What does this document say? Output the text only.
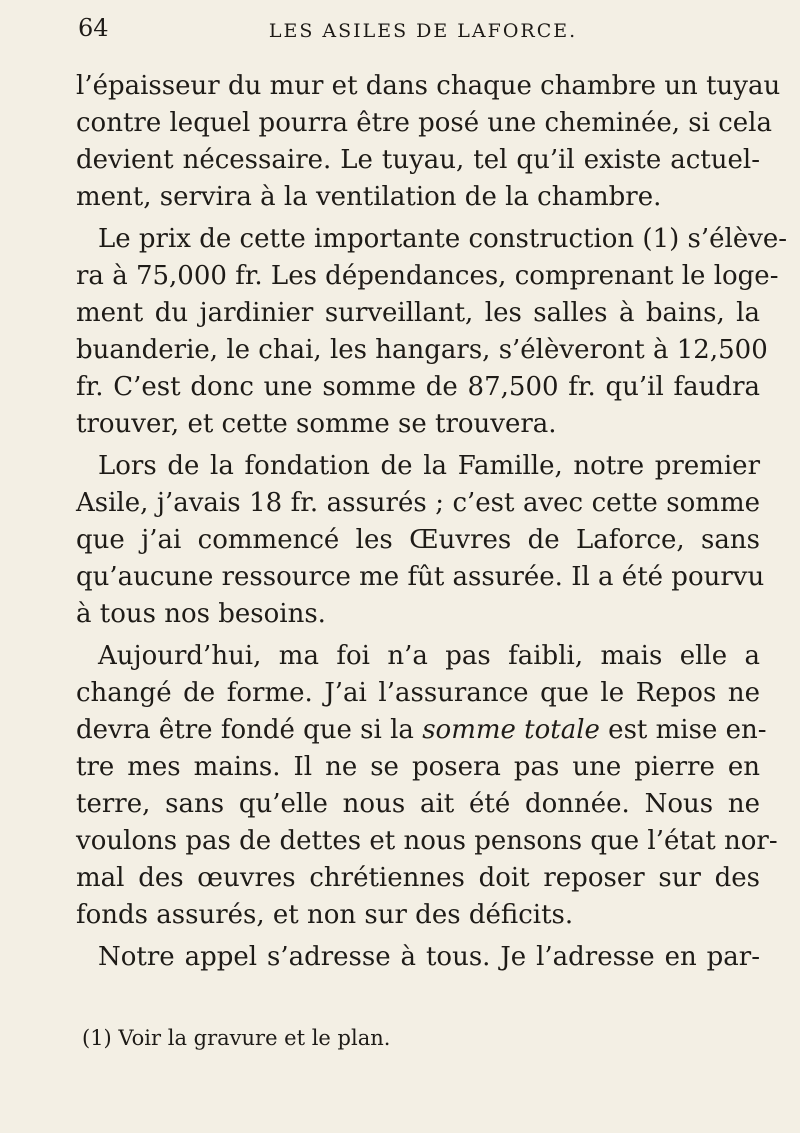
64	LES ASILES DE LAFORCE.
l’épaisseur du mur et dans chaque chambre un tuyau
contre lequel pourra être posé une cheminée, si cela
devient nécessaire. Le tuyau, tel qu’il existe actuel-
ment, servira à la ventilation de la chambre.
Le prix de cette importante construction (1) s’élève-
ra à 75,000 fr. Les dépendances, comprenant le loge-
ment du jardinier surveillant, les salles à bains, la
buanderie, le chai, les hangars, s’élèveront à 12,500
fr. C’est donc une somme de 87,500 fr. qu’il faudra
trouver, et cette somme se trouvera.
Lors de la fondation de la Famille, notre premier
Asile, j’avais 18 fr. assurés ; c’est avec cette somme
que j’ai commencé les Œuvres de Laforce, sans
qu’aucune ressource me fût assurée. Il a été pourvu
à tous nos besoins.
Aujourd’hui, ma foi n’a pas faibli, mais elle a
changé de forme. J’ai l’assurance que le Repos ne
devra être fondé que si la somme totale est mise en-
tre mes mains. Il ne se posera pas une pierre en
terre, sans qu’elle nous ait été donnée. Nous ne
voulons pas de dettes et nous pensons que l’état nor-
mal des œuvres chrétiennes doit reposer sur des
fonds assurés, et non sur des déficits.
Notre appel s’adresse à tous. Je l’adresse en par-
(1) Voir la gravure et le plan.
